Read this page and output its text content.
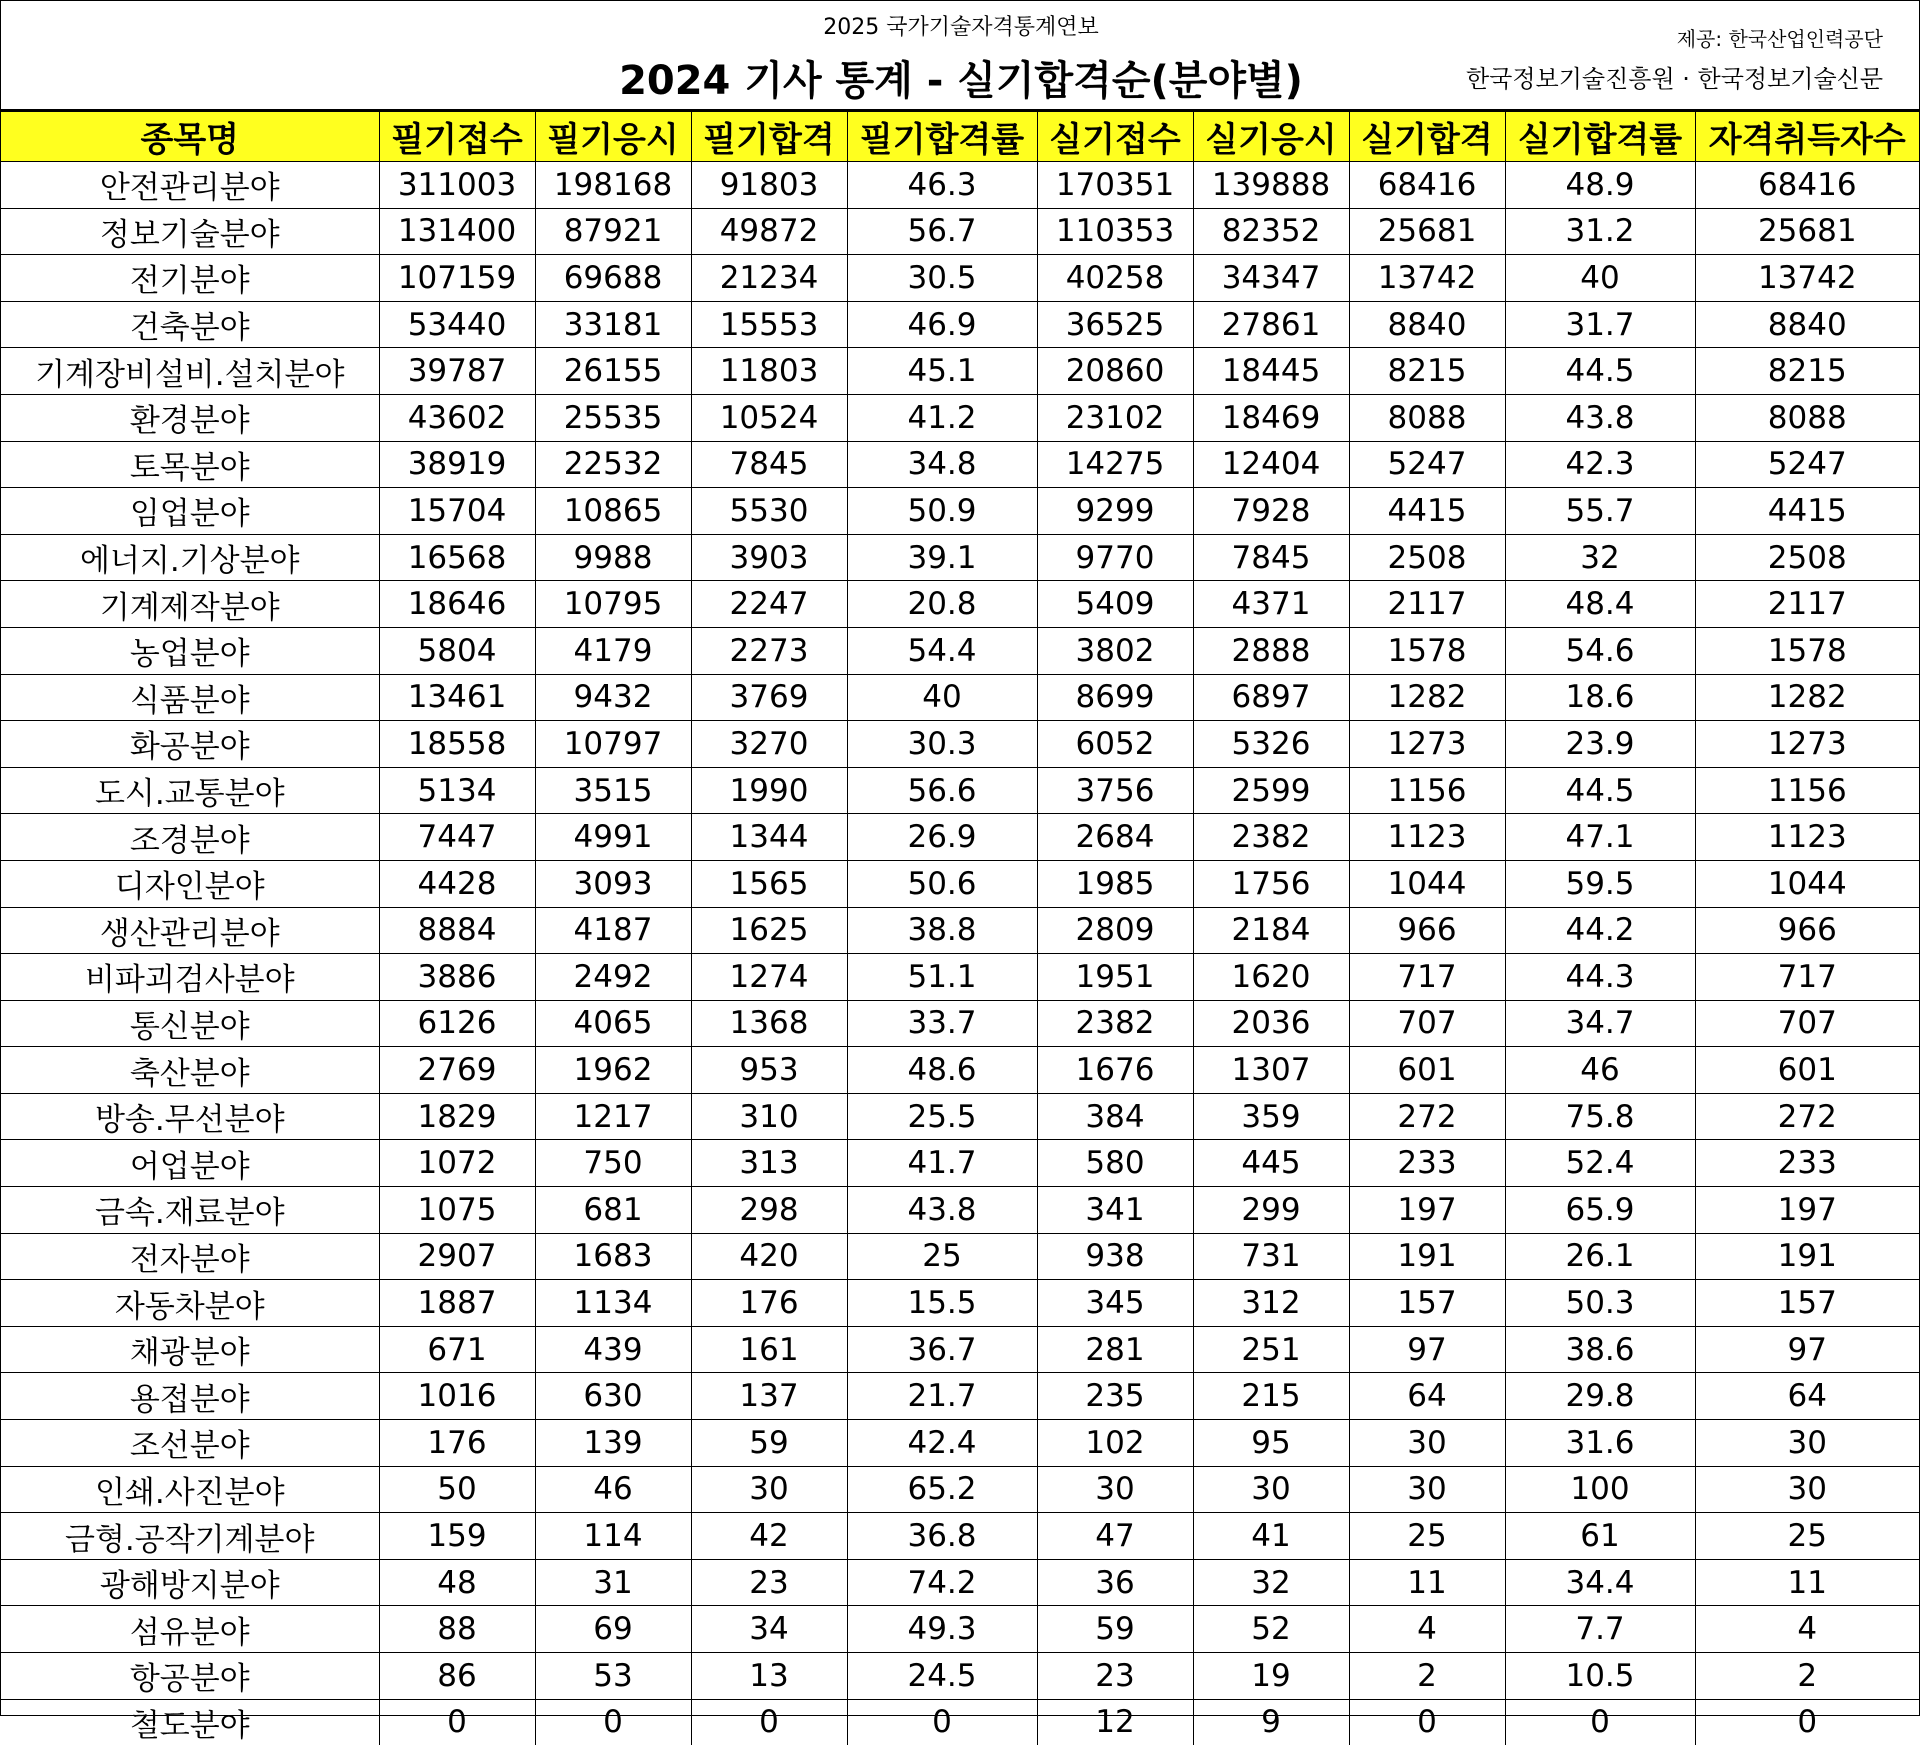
2025 국가기술자격통계연보
2024 기사 통계 - 실기합격순(분야별)
제공: 한국산업인력공단
한국정보기술진흥원 · 한국정보기술신문
종목명	필기접수	필기응시	필기합격	필기합격률	실기접수	실기응시	실기합격	실기합격률	자격취득자수
안전관리분야	311003	198168	91803	46.3	170351	139888	68416	48.9	68416
정보기술분야	131400	87921	49872	56.7	110353	82352	25681	31.2	25681
전기분야	107159	69688	21234	30.5	40258	34347	13742	40	13742
건축분야	53440	33181	15553	46.9	36525	27861	8840	31.7	8840
기계장비설비.설치분야	39787	26155	11803	45.1	20860	18445	8215	44.5	8215
환경분야	43602	25535	10524	41.2	23102	18469	8088	43.8	8088
토목분야	38919	22532	7845	34.8	14275	12404	5247	42.3	5247
임업분야	15704	10865	5530	50.9	9299	7928	4415	55.7	4415
에너지.기상분야	16568	9988	3903	39.1	9770	7845	2508	32	2508
기계제작분야	18646	10795	2247	20.8	5409	4371	2117	48.4	2117
농업분야	5804	4179	2273	54.4	3802	2888	1578	54.6	1578
식품분야	13461	9432	3769	40	8699	6897	1282	18.6	1282
화공분야	18558	10797	3270	30.3	6052	5326	1273	23.9	1273
도시.교통분야	5134	3515	1990	56.6	3756	2599	1156	44.5	1156
조경분야	7447	4991	1344	26.9	2684	2382	1123	47.1	1123
디자인분야	4428	3093	1565	50.6	1985	1756	1044	59.5	1044
생산관리분야	8884	4187	1625	38.8	2809	2184	966	44.2	966
비파괴검사분야	3886	2492	1274	51.1	1951	1620	717	44.3	717
통신분야	6126	4065	1368	33.7	2382	2036	707	34.7	707
축산분야	2769	1962	953	48.6	1676	1307	601	46	601
방송.무선분야	1829	1217	310	25.5	384	359	272	75.8	272
어업분야	1072	750	313	41.7	580	445	233	52.4	233
금속.재료분야	1075	681	298	43.8	341	299	197	65.9	197
전자분야	2907	1683	420	25	938	731	191	26.1	191
자동차분야	1887	1134	176	15.5	345	312	157	50.3	157
채광분야	671	439	161	36.7	281	251	97	38.6	97
용접분야	1016	630	137	21.7	235	215	64	29.8	64
조선분야	176	139	59	42.4	102	95	30	31.6	30
인쇄.사진분야	50	46	30	65.2	30	30	30	100	30
금형.공작기계분야	159	114	42	36.8	47	41	25	61	25
광해방지분야	48	31	23	74.2	36	32	11	34.4	11
섬유분야	88	69	34	49.3	59	52	4	7.7	4
항공분야	86	53	13	24.5	23	19	2	10.5	2
철도분야	0	0	0	0	12	9	0	0	0
